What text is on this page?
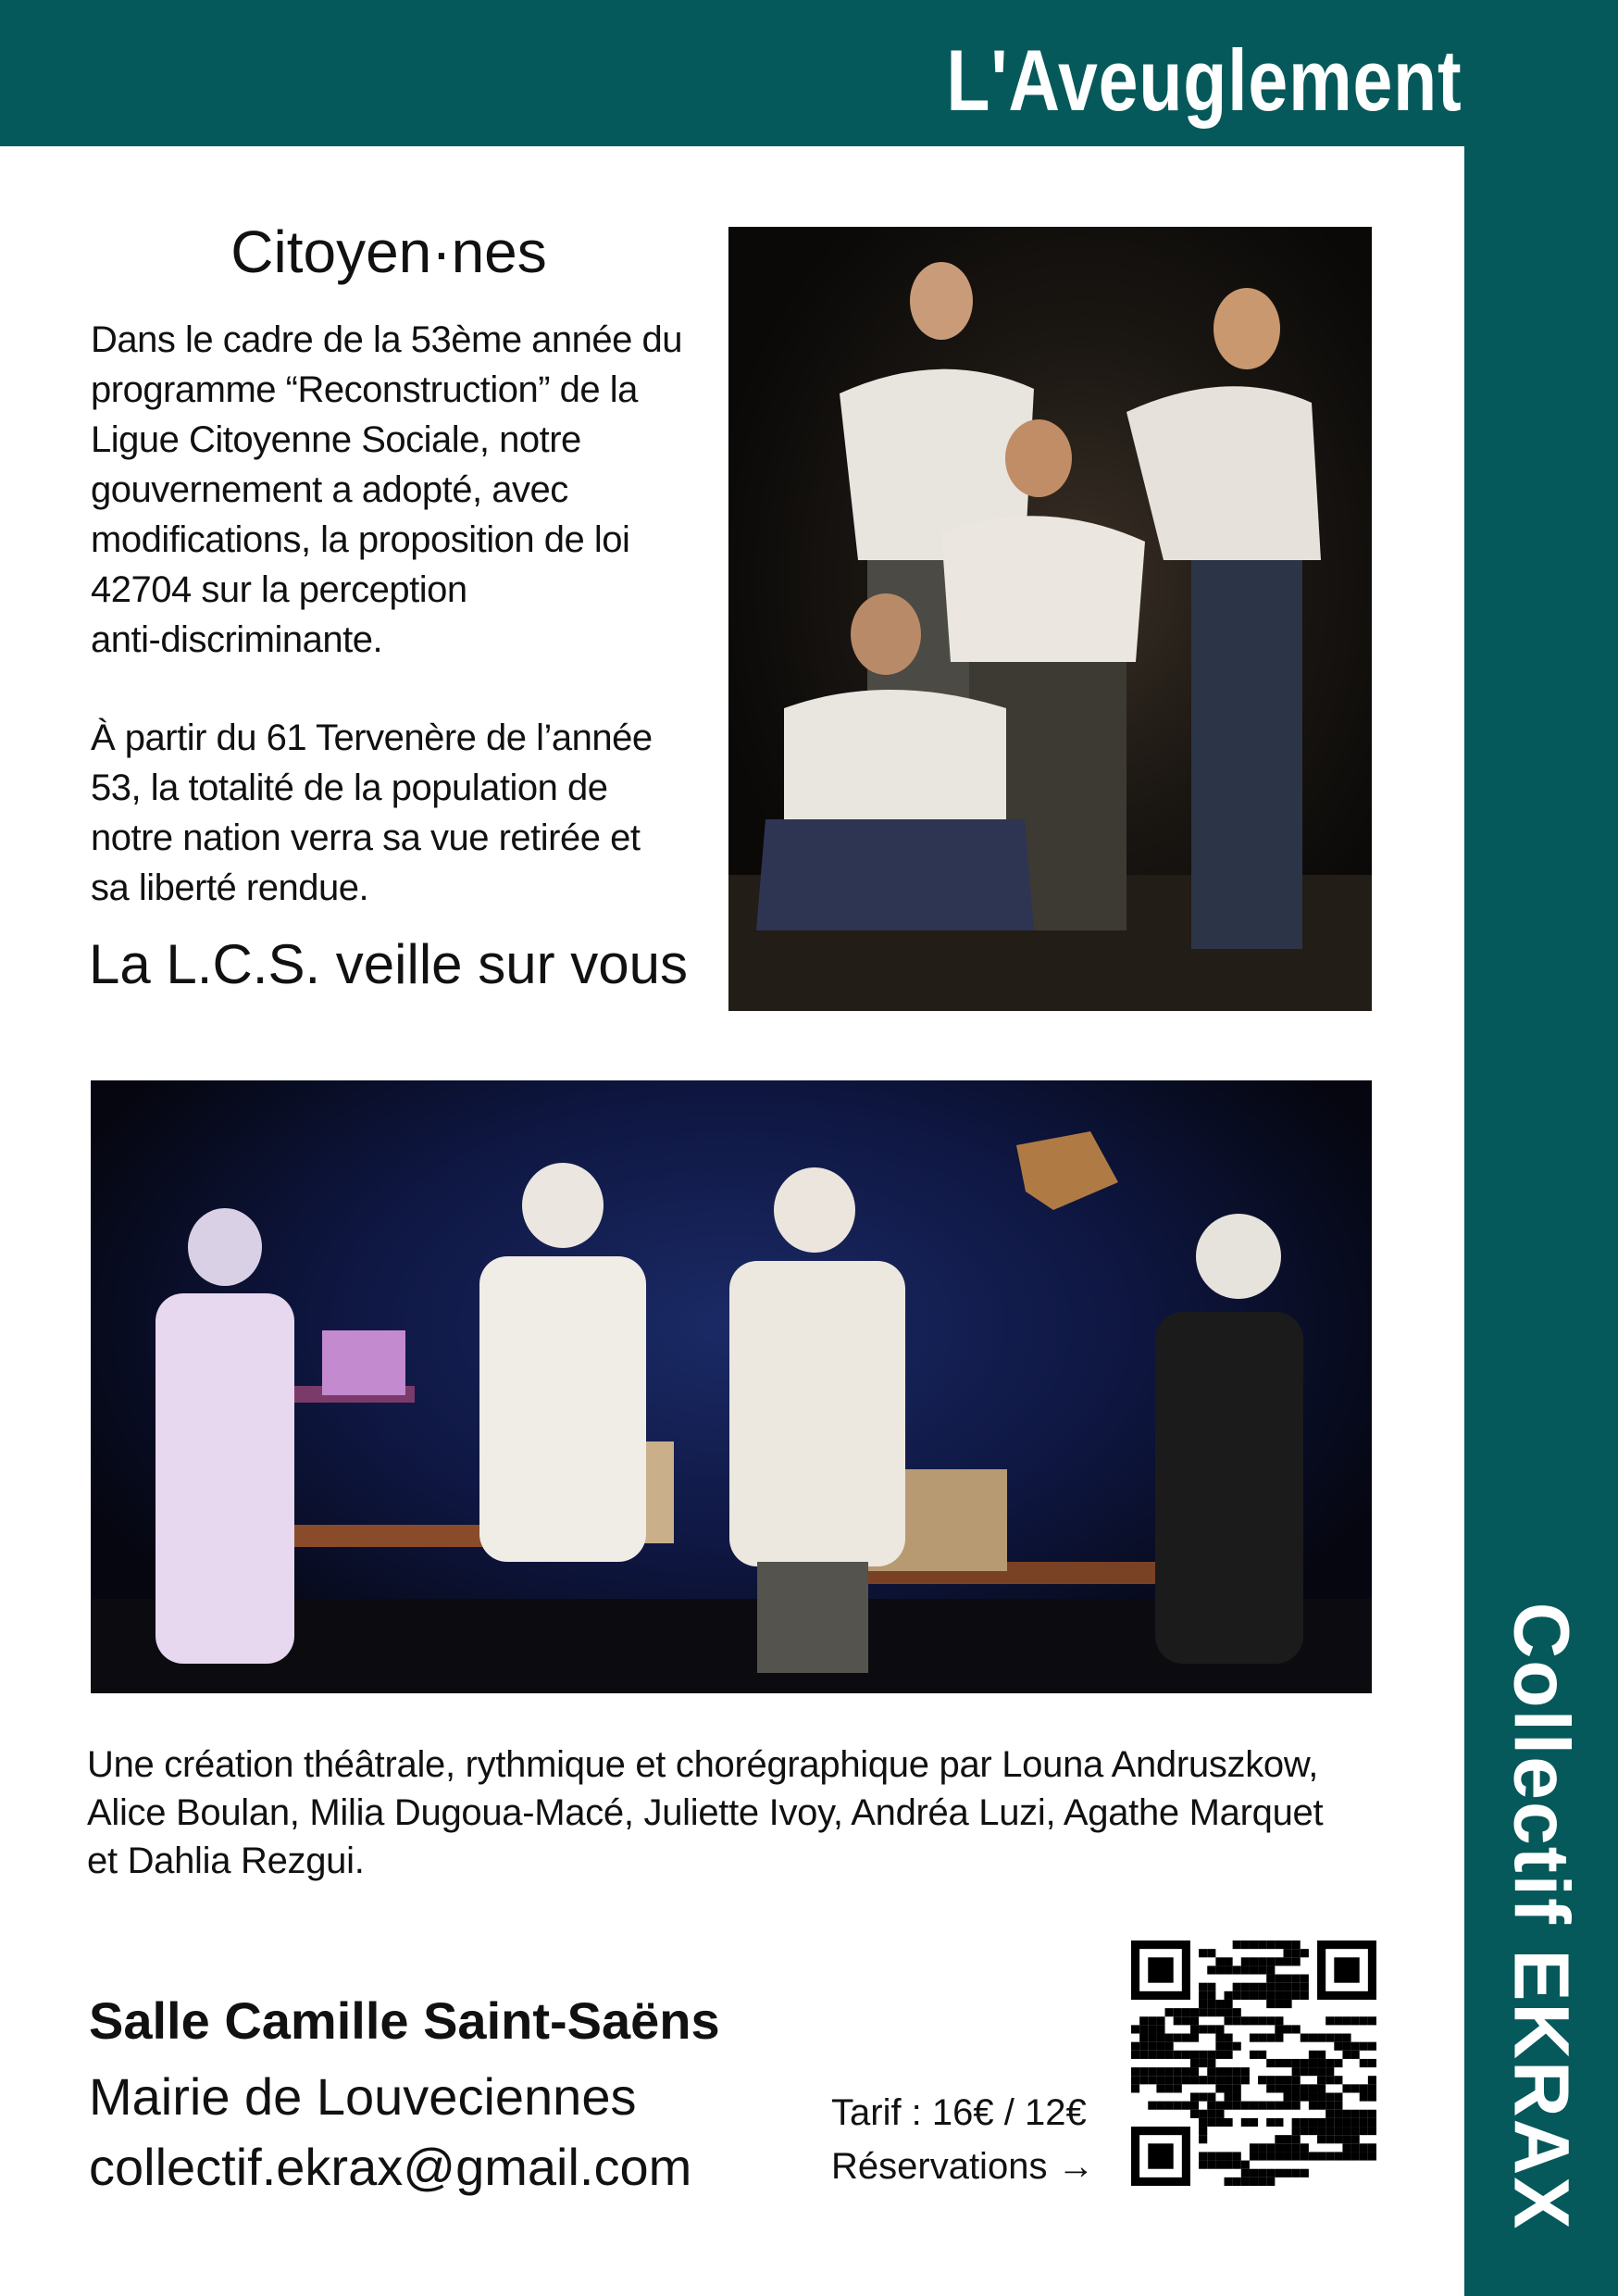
L'Aveuglement
Collectif EKRAX
Citoyen·nes
Dans le cadre de la 53ème année du
programme “Reconstruction” de la
Ligue Citoyenne Sociale, notre
gouvernement a adopté, avec
modifications, la proposition de loi
42704 sur la perception
anti-discriminante.
À partir du 61 Tervenère de l’année
53, la totalité de la population de
notre nation verra sa vue retirée et
sa liberté rendue.

La L.C.S. veille sur vous

Une création théâtrale, rythmique et chorégraphique par Louna Andruszkow,
Alice Boulan, Milia Dugoua-Macé, Juliette Ivoy, Andréa Luzi, Agathe Marquet
et Dahlia Rezgui.

Salle Camille Saint-Saëns

Mairie de Louveciennes

collectif.ekrax@gmail.com

Tarif : 16€ / 12€

Réservations →
